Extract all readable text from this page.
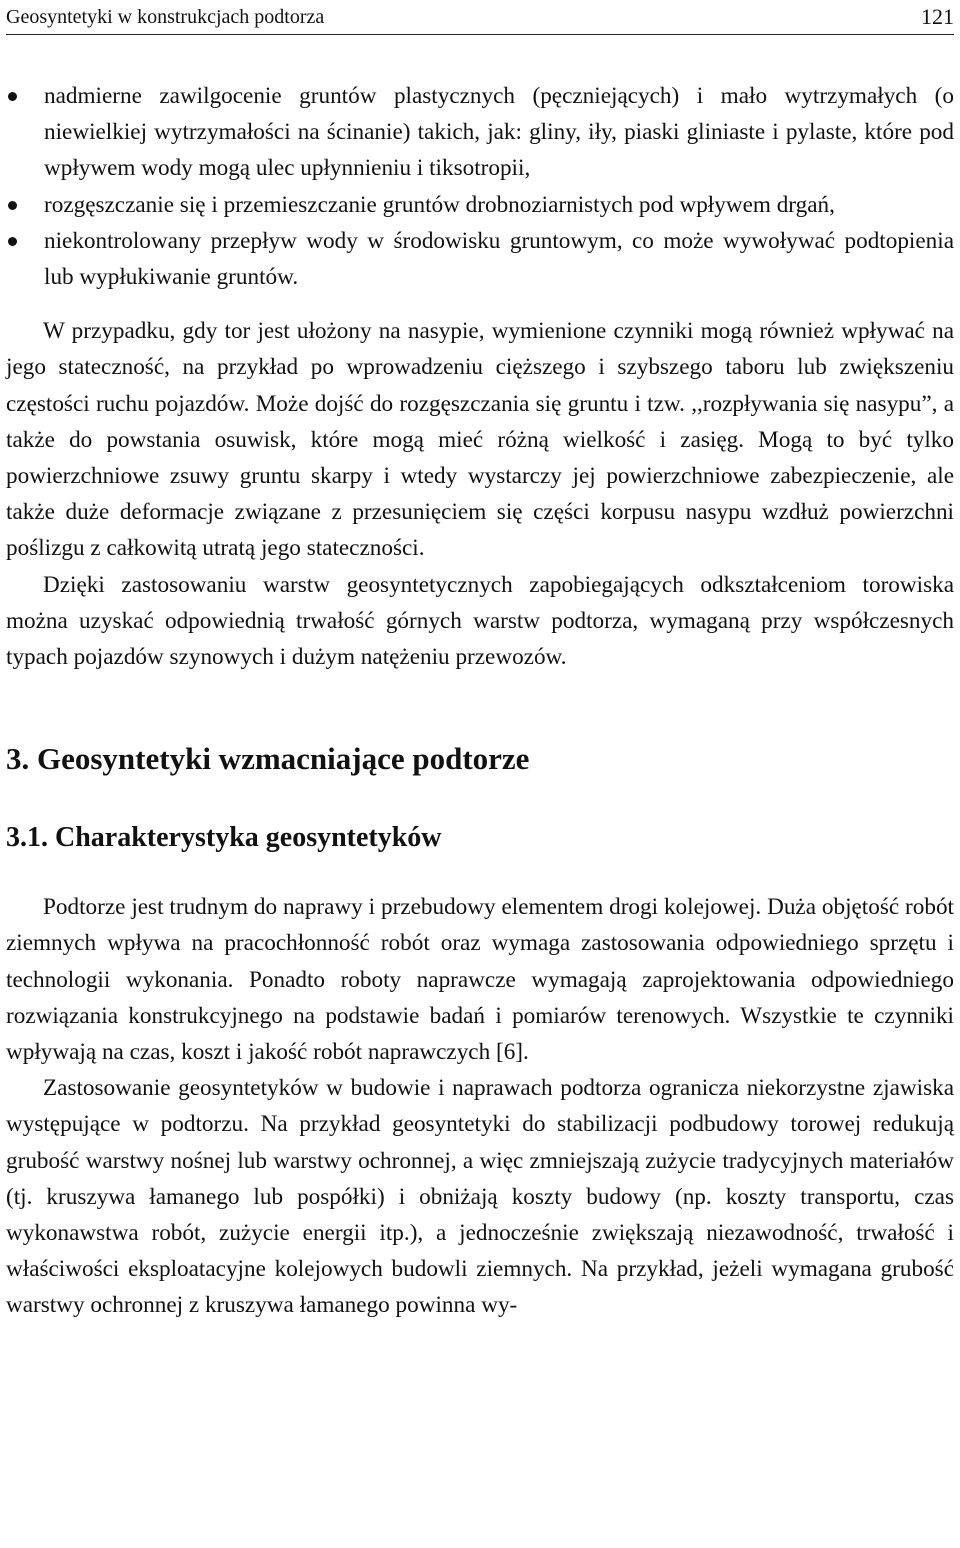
Geosyntetyki w konstrukcjach podtorza	121
nadmierne zawilgocenie gruntów plastycznych (pęczniejących) i mało wytrzymałych (o niewielkiej wytrzymałości na ścinanie) takich, jak: gliny, iły, piaski gliniaste i pylaste, które pod wpływem wody mogą ulec upłynnieniu i tiksotropii,
rozgęszczanie się i przemieszczanie gruntów drobnoziarnistych pod wpływem drgań,
niekontrolowany przepływ wody w środowisku gruntowym, co może wywoływać podtopienia lub wypłukiwanie gruntów.

W przypadku, gdy tor jest ułożony na nasypie, wymienione czynniki mogą również wpływać na jego stateczność, na przykład po wprowadzeniu cięższego i szybszego taboru lub zwiększeniu częstości ruchu pojazdów. Może dojść do rozgęszczania się gruntu i tzw. ,,rozpływania się nasypu”, a także do powstania osuwisk, które mogą mieć różną wielkość i zasięg. Mogą to być tylko powierzchniowe zsuwy gruntu skarpy i wtedy wystarczy jej powierzchniowe zabezpieczenie, ale także duże deformacje związane z przesunięciem się części korpusu nasypu wzdłuż powierzchni poślizgu z całkowitą utratą jego stateczności.

Dzięki zastosowaniu warstw geosyntetycznych zapobiegających odkształceniom torowiska można uzyskać odpowiednią trwałość górnych warstw podtorza, wymaganą przy współczesnych typach pojazdów szynowych i dużym natężeniu przewozów.

3. Geosyntetyki wzmacniające podtorze
3.1. Charakterystyka geosyntetyków

Podtorze jest trudnym do naprawy i przebudowy elementem drogi kolejowej. Duża objętość robót ziemnych wpływa na pracochłonność robót oraz wymaga zastosowania odpowiedniego sprzętu i technologii wykonania. Ponadto roboty naprawcze wymagają zaprojektowania odpowiedniego rozwiązania konstrukcyjnego na podstawie badań i pomiarów terenowych. Wszystkie te czynniki wpływają na czas, koszt i jakość robót naprawczych [6].

Zastosowanie geosyntetyków w budowie i naprawach podtorza ogranicza niekorzystne zjawiska występujące w podtorzu. Na przykład geosyntetyki do stabilizacji podbudowy torowej redukują grubość warstwy nośnej lub warstwy ochronnej, a więc zmniejszają zużycie tradycyjnych materiałów (tj. kruszywa łamanego lub pospółki) i obniżają koszty budowy (np. koszty transportu, czas wykonawstwa robót, zużycie energii itp.), a jednocześnie zwiększają niezawodność, trwałość i właściwości eksploatacyjne kolejowych budowli ziemnych. Na przykład, jeżeli wymagana grubość warstwy ochronnej z kruszywa łamanego powinna wy-
